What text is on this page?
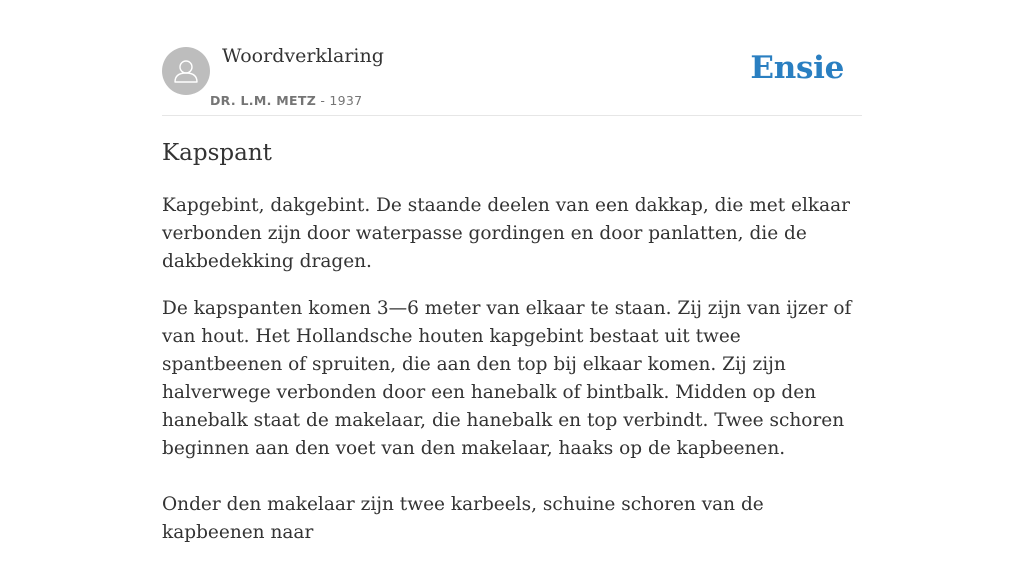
Woordverklaring
DR. L.M. METZ - 1937
Ensie
Kapspant

Kapgebint, dakgebint. De staande deelen van een dakkap, die met elkaar verbonden zijn door waterpasse gordingen en door panlatten, die de dakbedekking dragen.

De kapspanten komen 3—6 meter van elkaar te staan. Zij zijn van ijzer of van hout. Het Hollandsche houten kapgebint bestaat uit twee spantbeenen of spruiten, die aan den top bij elkaar komen. Zij zijn halverwege verbonden door een hanebalk of bintbalk. Midden op den hanebalk staat de makelaar, die hanebalk en top verbindt. Twee schoren beginnen aan den voet van den makelaar, haaks op de kapbeenen.

Onder den makelaar zijn twee karbeels, schuine schoren van de kapbeenen naar
